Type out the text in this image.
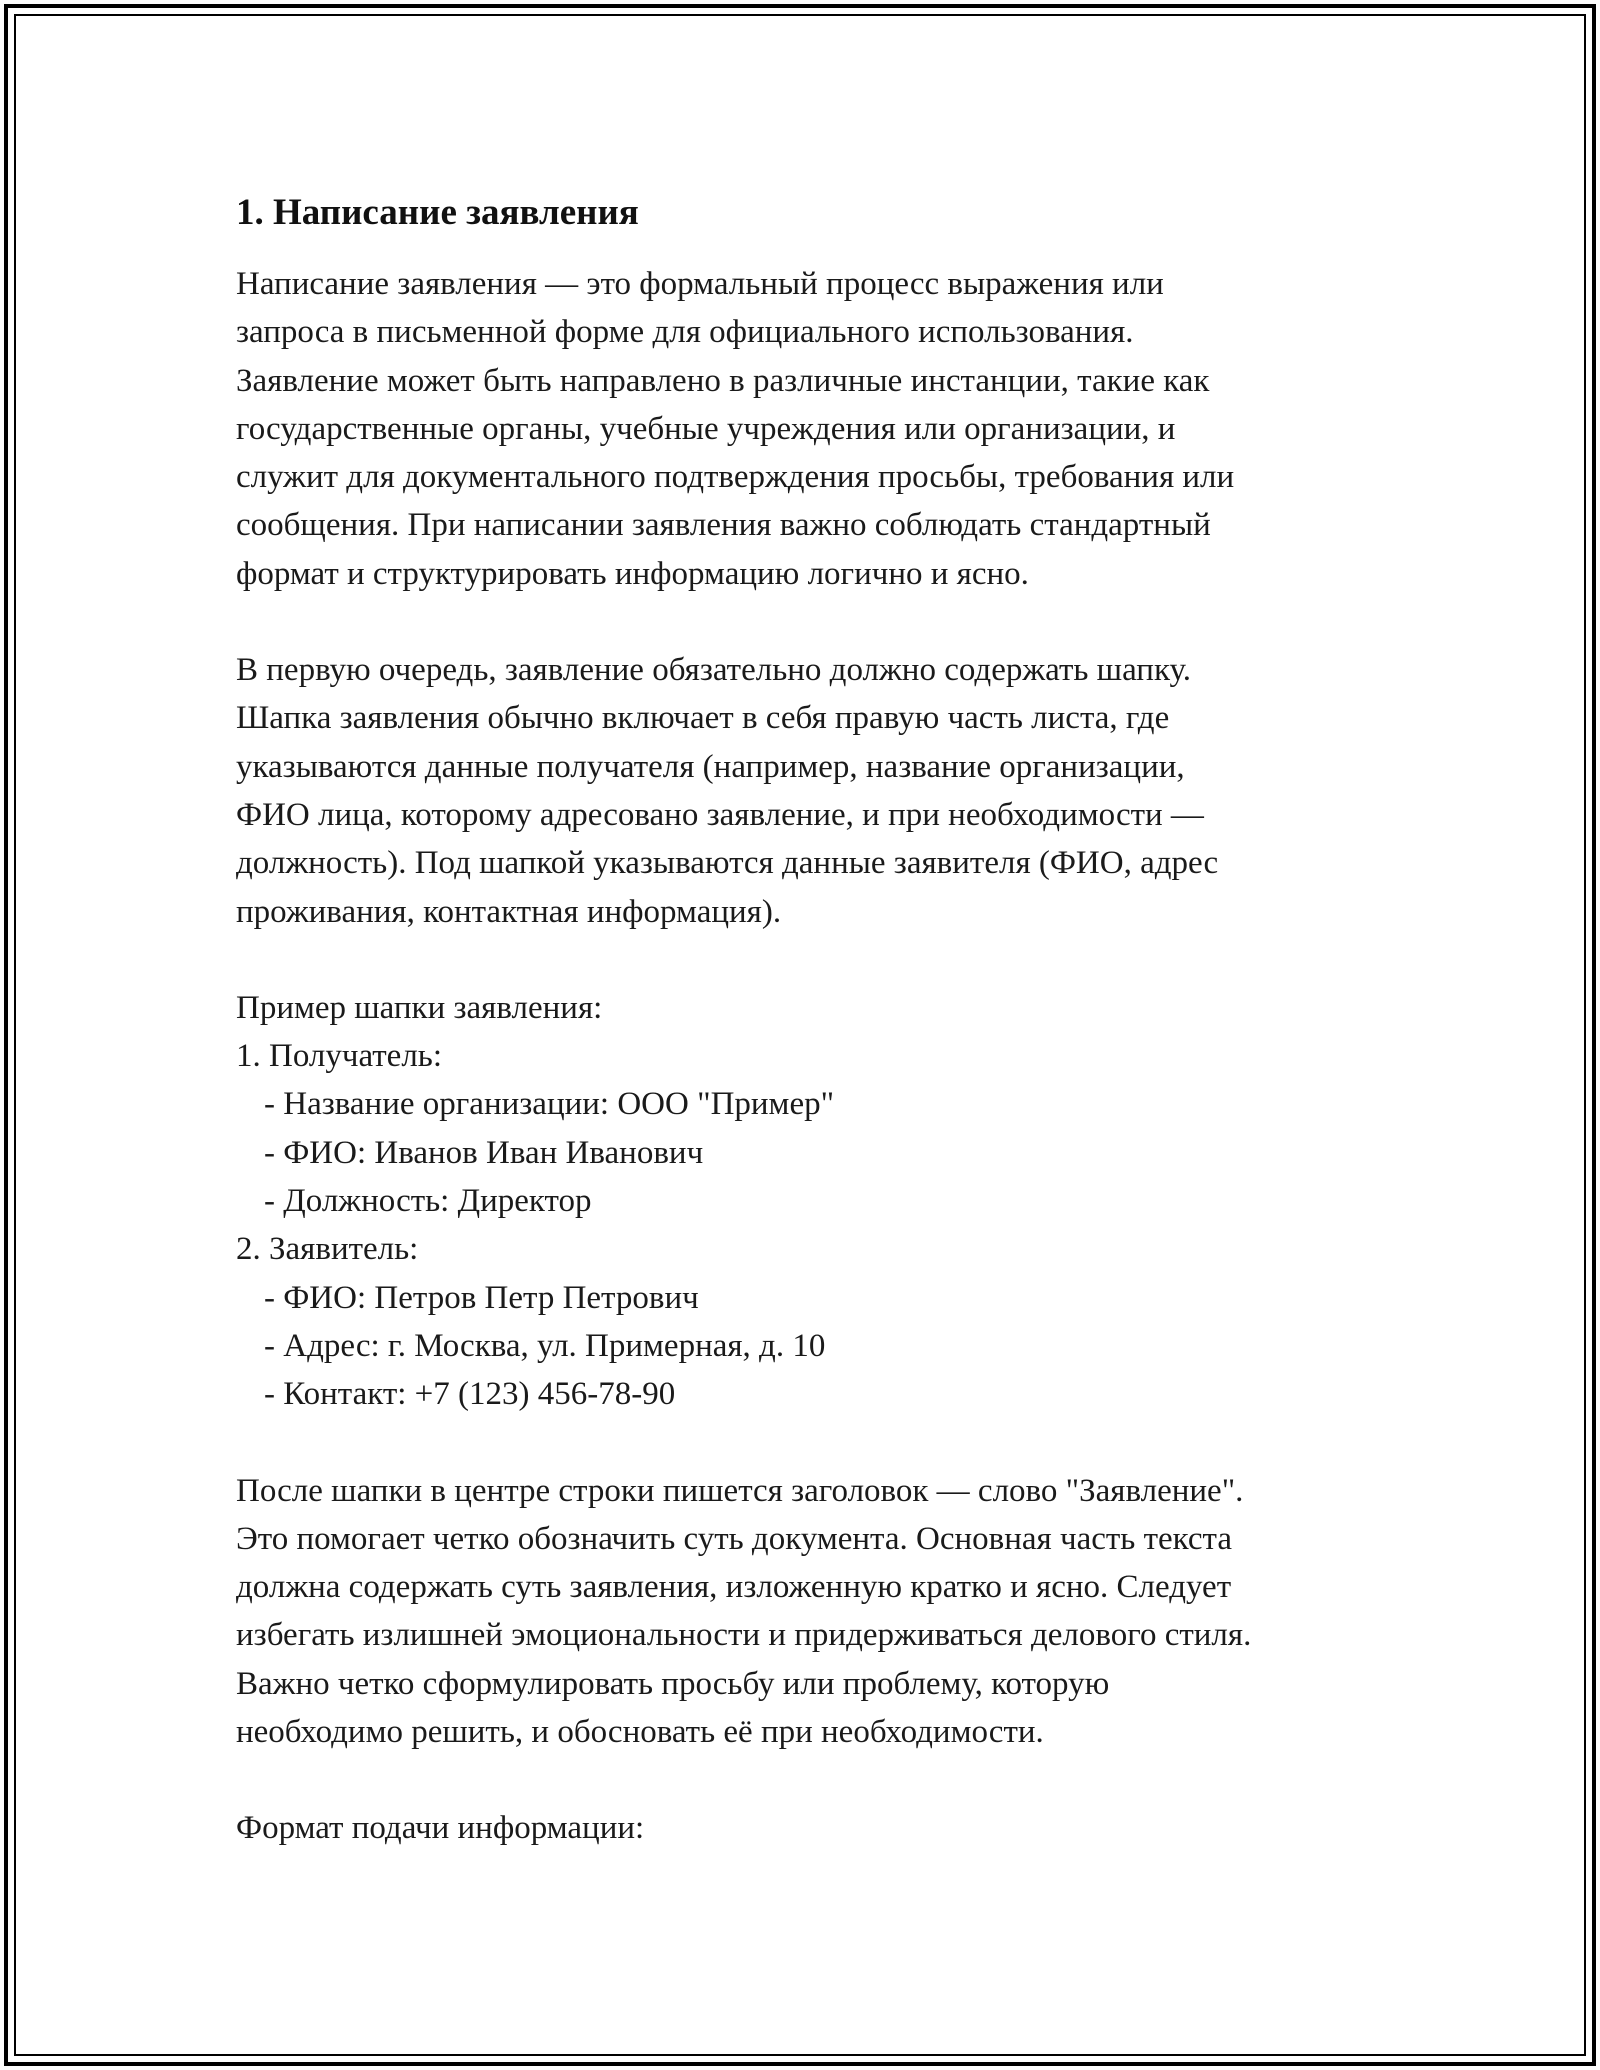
1. Написание заявления
Написание заявления — это формальный процесс выражения или
запроса в письменной форме для официального использования.
Заявление может быть направлено в различные инстанции, такие как
государственные органы, учебные учреждения или организации, и
служит для документального подтверждения просьбы, требования или
сообщения. При написании заявления важно соблюдать стандартный
формат и структурировать информацию логично и ясно.
В первую очередь, заявление обязательно должно содержать шапку.
Шапка заявления обычно включает в себя правую часть листа, где
указываются данные получателя (например, название организации,
ФИО лица, которому адресовано заявление, и при необходимости —
должность). Под шапкой указываются данные заявителя (ФИО, адрес
проживания, контактная информация).
Пример шапки заявления:
1. Получатель:
- Название организации: ООО "Пример"
- ФИО: Иванов Иван Иванович
- Должность: Директор
2. Заявитель:
- ФИО: Петров Петр Петрович
- Адрес: г. Москва, ул. Примерная, д. 10
- Контакт: +7 (123) 456-78-90
После шапки в центре строки пишется заголовок — слово "Заявление".
Это помогает четко обозначить суть документа. Основная часть текста
должна содержать суть заявления, изложенную кратко и ясно. Следует
избегать излишней эмоциональности и придерживаться делового стиля.
Важно четко сформулировать просьбу или проблему, которую
необходимо решить, и обосновать её при необходимости.
Формат подачи информации:
